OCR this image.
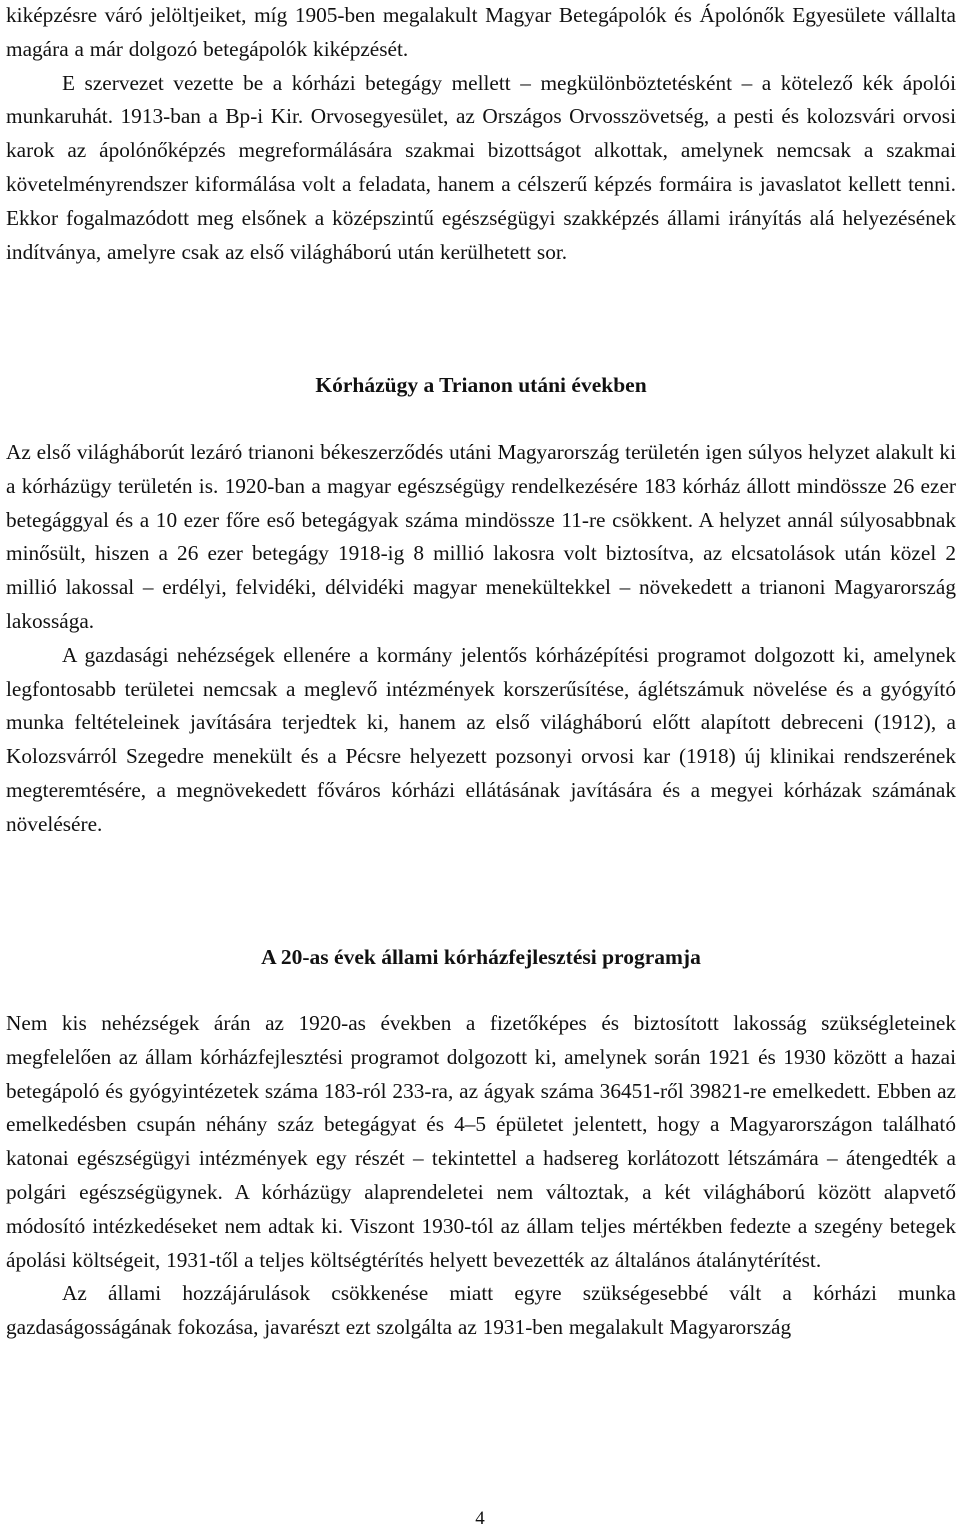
kiképzésre váró jelöltjeiket, míg 1905-ben megalakult Magyar Betegápolók és Ápolónők Egyesülete vállalta magára a már dolgozó betegápolók kiképzését.

E szervezet vezette be a kórházi betegágy mellett – megkülönböztetésként – a kötelező kék ápolói munkaruhát. 1913-ban a Bp-i Kir. Orvosegyesület, az Országos Orvosszövetség, a pesti és kolozsvári orvosi karok az ápolónőképzés megreformálására szakmai bizottságot alkottak, amelynek nemcsak a szakmai követelményrendszer kiformálása volt a feladata, hanem a célszerű képzés formáira is javaslatot kellett tenni. Ekkor fogalmazódott meg elsőnek a középszintű egészségügyi szakképzés állami irányítás alá helyezésének indítványa, amelyre csak az első világháború után kerülhetett sor.

Kórházügy a Trianon utáni években

Az első világháborút lezáró trianoni békeszerződés utáni Magyarország területén igen súlyos helyzet alakult ki a kórházügy területén is. 1920-ban a magyar egészségügy rendelkezésére 183 kórház állott mindössze 26 ezer betegággyal és a 10 ezer főre eső betegágyak száma mindössze 11-re csökkent. A helyzet annál súlyosabbnak minősült, hiszen a 26 ezer betegágy 1918-ig 8 millió lakosra volt biztosítva, az elcsatolások után közel 2 millió lakossal – erdélyi, felvidéki, délvidéki magyar menekültekkel – növekedett a trianoni Magyarország lakossága.

A gazdasági nehézségek ellenére a kormány jelentős kórházépítési programot dolgozott ki, amelynek legfontosabb területei nemcsak a meglevő intézmények korszerűsítése, áglétszámuk növelése és a gyógyító munka feltételeinek javítására terjedtek ki, hanem az első világháború előtt alapított debreceni (1912), a Kolozsvárról Szegedre menekült és a Pécsre helyezett pozsonyi orvosi kar (1918) új klinikai rendszerének megteremtésére, a megnövekedett főváros kórházi ellátásának javítására és a megyei kórházak számának növelésére.

A 20-as évek állami kórházfejlesztési programja

Nem kis nehézségek árán az 1920-as években a fizetőképes és biztosított lakosság szükségleteinek megfelelően az állam kórházfejlesztési programot dolgozott ki, amelynek során 1921 és 1930 között a hazai betegápoló és gyógyintézetek száma 183-ról 233-ra, az ágyak száma 36451-ről 39821-re emelkedett. Ebben az emelkedésben csupán néhány száz betegágyat és 4–5 épületet jelentett, hogy a Magyarországon található katonai egészségügyi intézmények egy részét – tekintettel a hadsereg korlátozott létszámára – átengedték a polgári egészségügynek. A kórházügy alaprendeletei nem változtak, a két világháború között alapvető módosító intézkedéseket nem adtak ki. Viszont 1930-tól az állam teljes mértékben fedezte a szegény betegek ápolási költségeit, 1931-től a teljes költségtérítés helyett bevezették az általános átalánytérítést.

Az állami hozzájárulások csökkenése miatt egyre szükségesebbé vált a kórházi munka gazdaságosságának fokozása, javarészt ezt szolgálta az 1931-ben megalakult Magyarország

4
